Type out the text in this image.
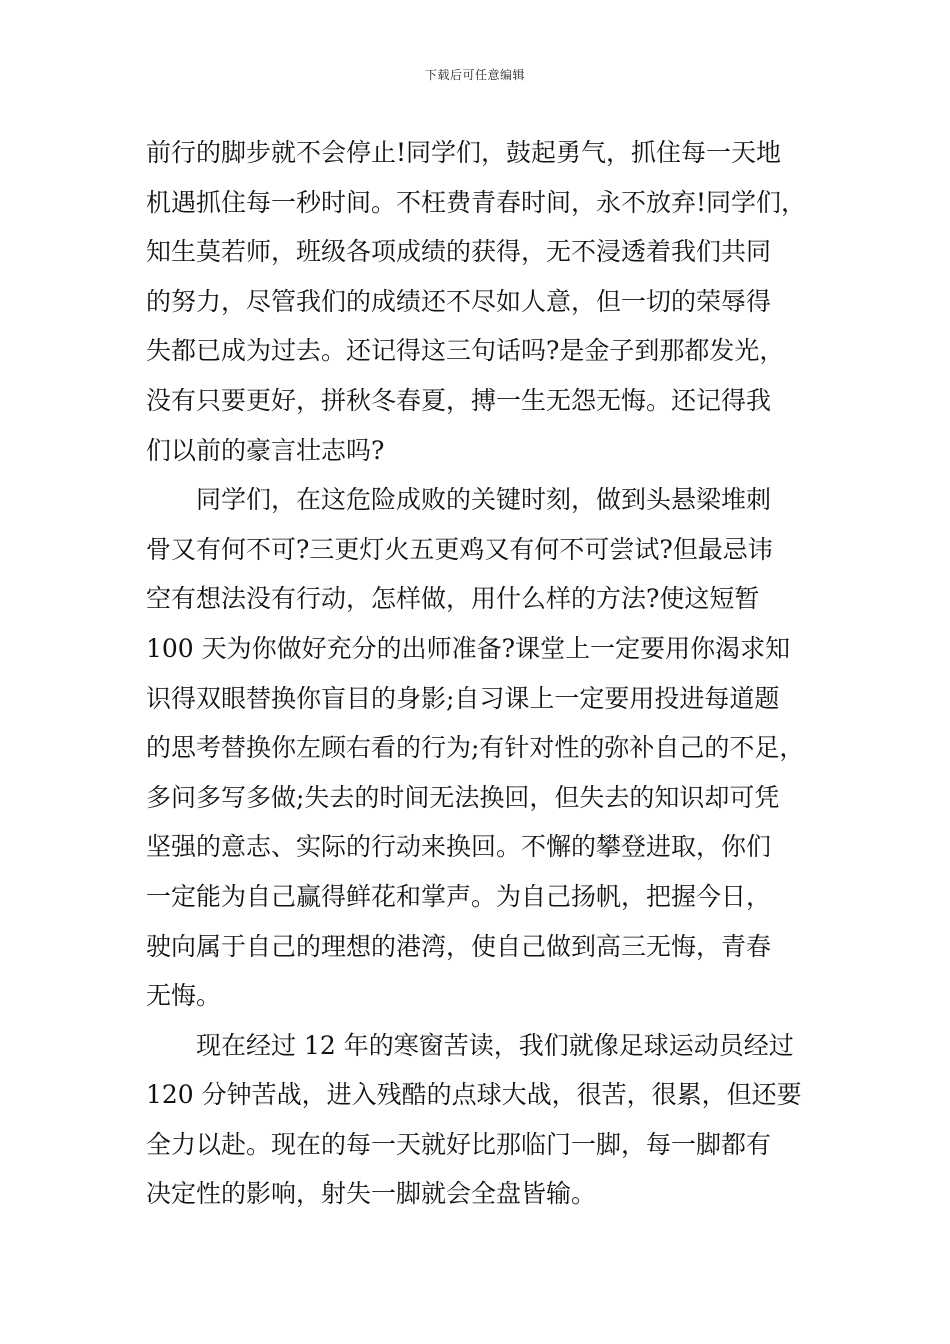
下载后可任意编辑
前行的脚步就不会停止!同学们，鼓起勇气，抓住每一天地
机遇抓住每一秒时间。不枉费青春时间，永不放弃!同学们，
知生莫若师，班级各项成绩的获得，无不浸透着我们共同
的努力，尽管我们的成绩还不尽如人意，但一切的荣辱得
失都已成为过去。还记得这三句话吗?是金子到那都发光，
没有只要更好，拼秋冬春夏，搏一生无怨无悔。还记得我
们以前的豪言壮志吗?
　　同学们，在这危险成败的关键时刻，做到头悬梁堆刺
骨又有何不可?三更灯火五更鸡又有何不可尝试?但最忌讳
空有想法没有行动，怎样做，用什么样的方法?使这短暂
100 天为你做好充分的出师准备?课堂上一定要用你渴求知
识得双眼替换你盲目的身影;自习课上一定要用投进每道题
的思考替换你左顾右看的行为;有针对性的弥补自己的不足，
多问多写多做;失去的时间无法换回，但失去的知识却可凭
坚强的意志、实际的行动来换回。不懈的攀登进取，你们
一定能为自己赢得鲜花和掌声。为自己扬帆，把握今日，
驶向属于自己的理想的港湾，使自己做到高三无悔，青春
无悔。
　　现在经过 12 年的寒窗苦读，我们就像足球运动员经过
120 分钟苦战，进入残酷的点球大战，很苦，很累，但还要
全力以赴。现在的每一天就好比那临门一脚，每一脚都有
决定性的影响，射失一脚就会全盘皆输。
